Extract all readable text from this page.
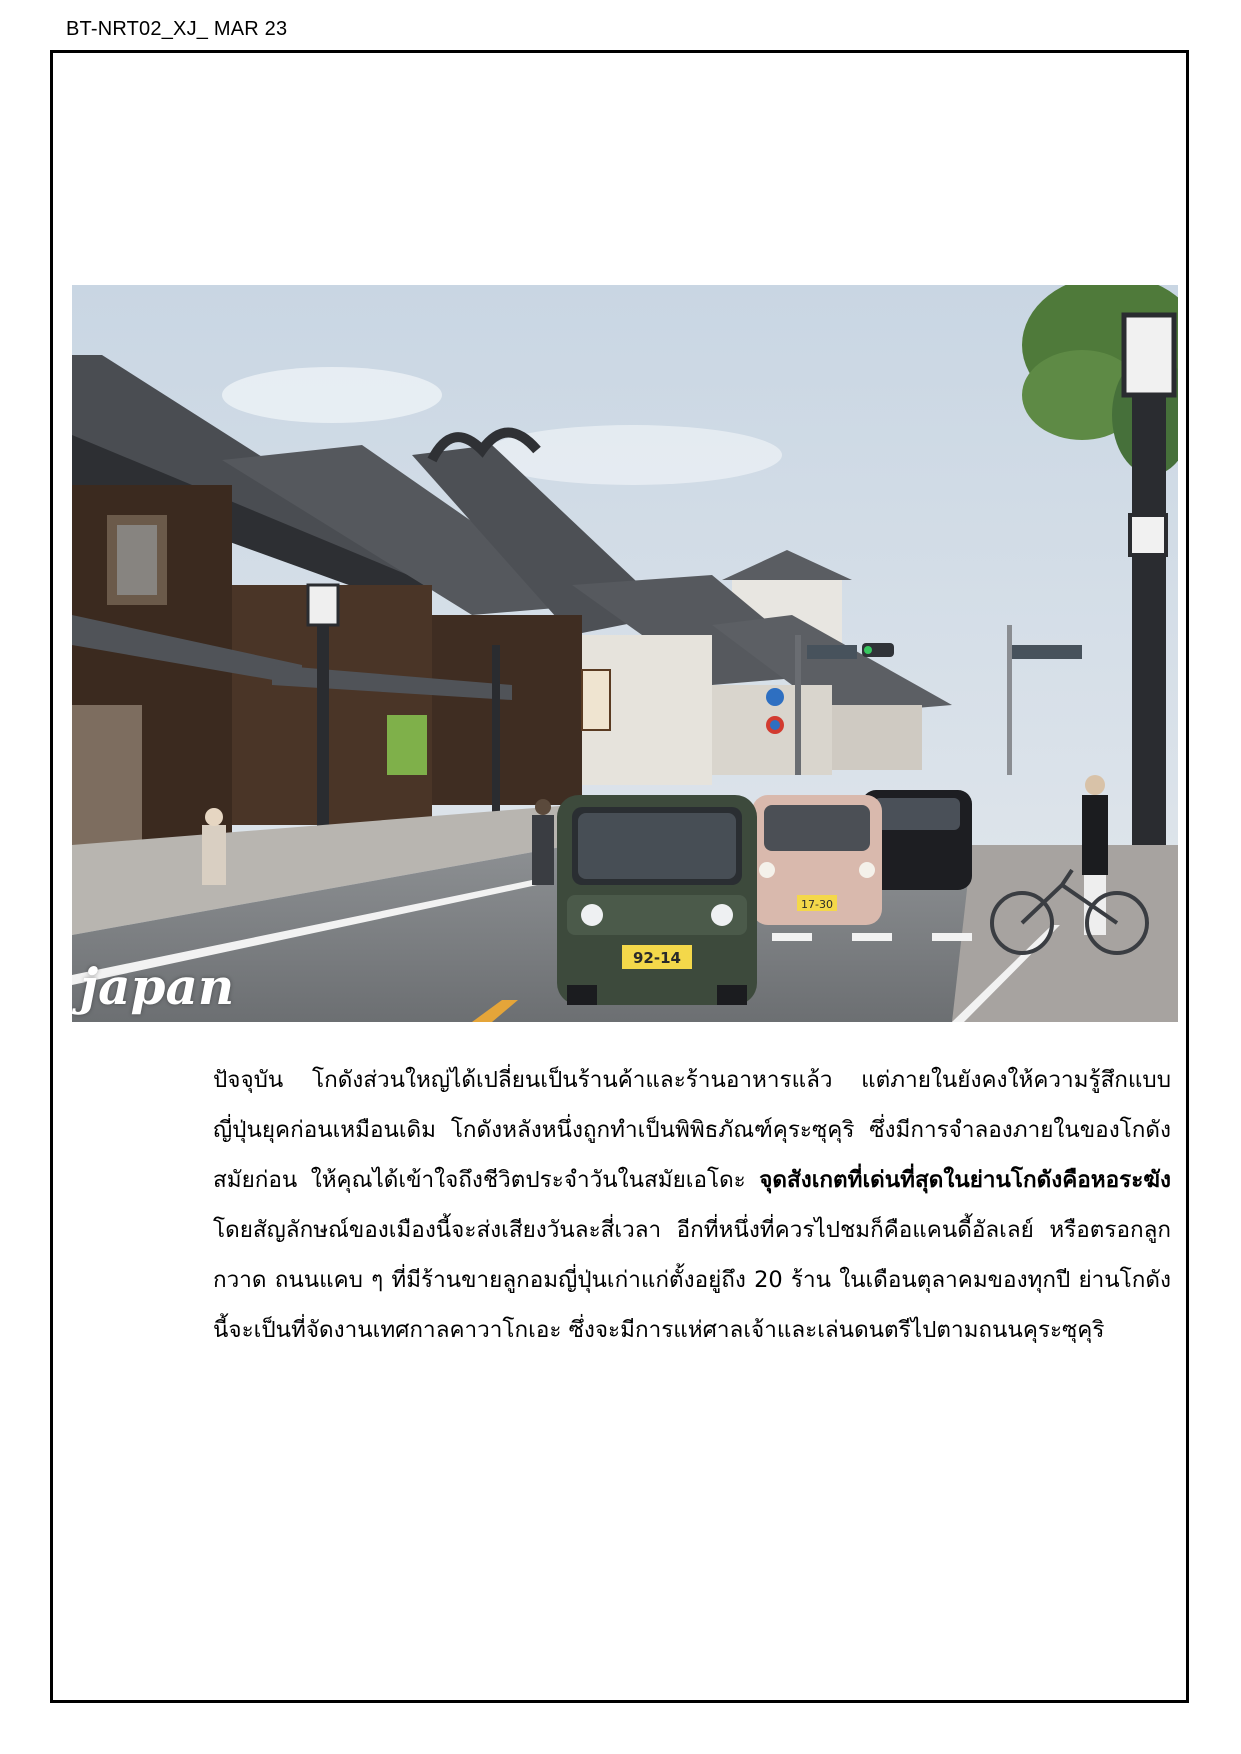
BT-NRT02_XJ_ MAR 23
17-30
92-14
japan
ปัจจุบัน โกดังส่วนใหญ่ได้เปลี่ยนเป็นร้านค้าและร้านอาหารแล้ว แต่ภายในยังคงให้ความรู้สึกแบบญี่ปุ่นยุคก่อนเหมือนเดิม โกดังหลังหนึ่งถูกทำเป็นพิพิธภัณฑ์คุระซุคุริ ซึ่งมีการจำลองภายในของโกดังสมัยก่อน ให้คุณได้เข้าใจถึงชีวิตประจำวันในสมัยเอโดะ จุดสังเกตที่เด่นที่สุดในย่านโกดังคือหอระฆัง โดยสัญลักษณ์ของเมืองนี้จะส่งเสียงวันละสี่เวลา อีกที่หนึ่งที่ควรไปชมก็คือแคนดี้อัลเลย์ หรือตรอกลูกกวาด ถนนแคบ ๆ ที่มีร้านขายลูกอมญี่ปุ่นเก่าแก่ตั้งอยู่ถึง 20 ร้าน ในเดือนตุลาคมของทุกปี ย่านโกดังนี้จะเป็นที่จัดงานเทศกาลคาวาโกเอะ ซึ่งจะมีการแห่ศาลเจ้าและเล่นดนตรีไปตามถนนคุระซุคุริ
